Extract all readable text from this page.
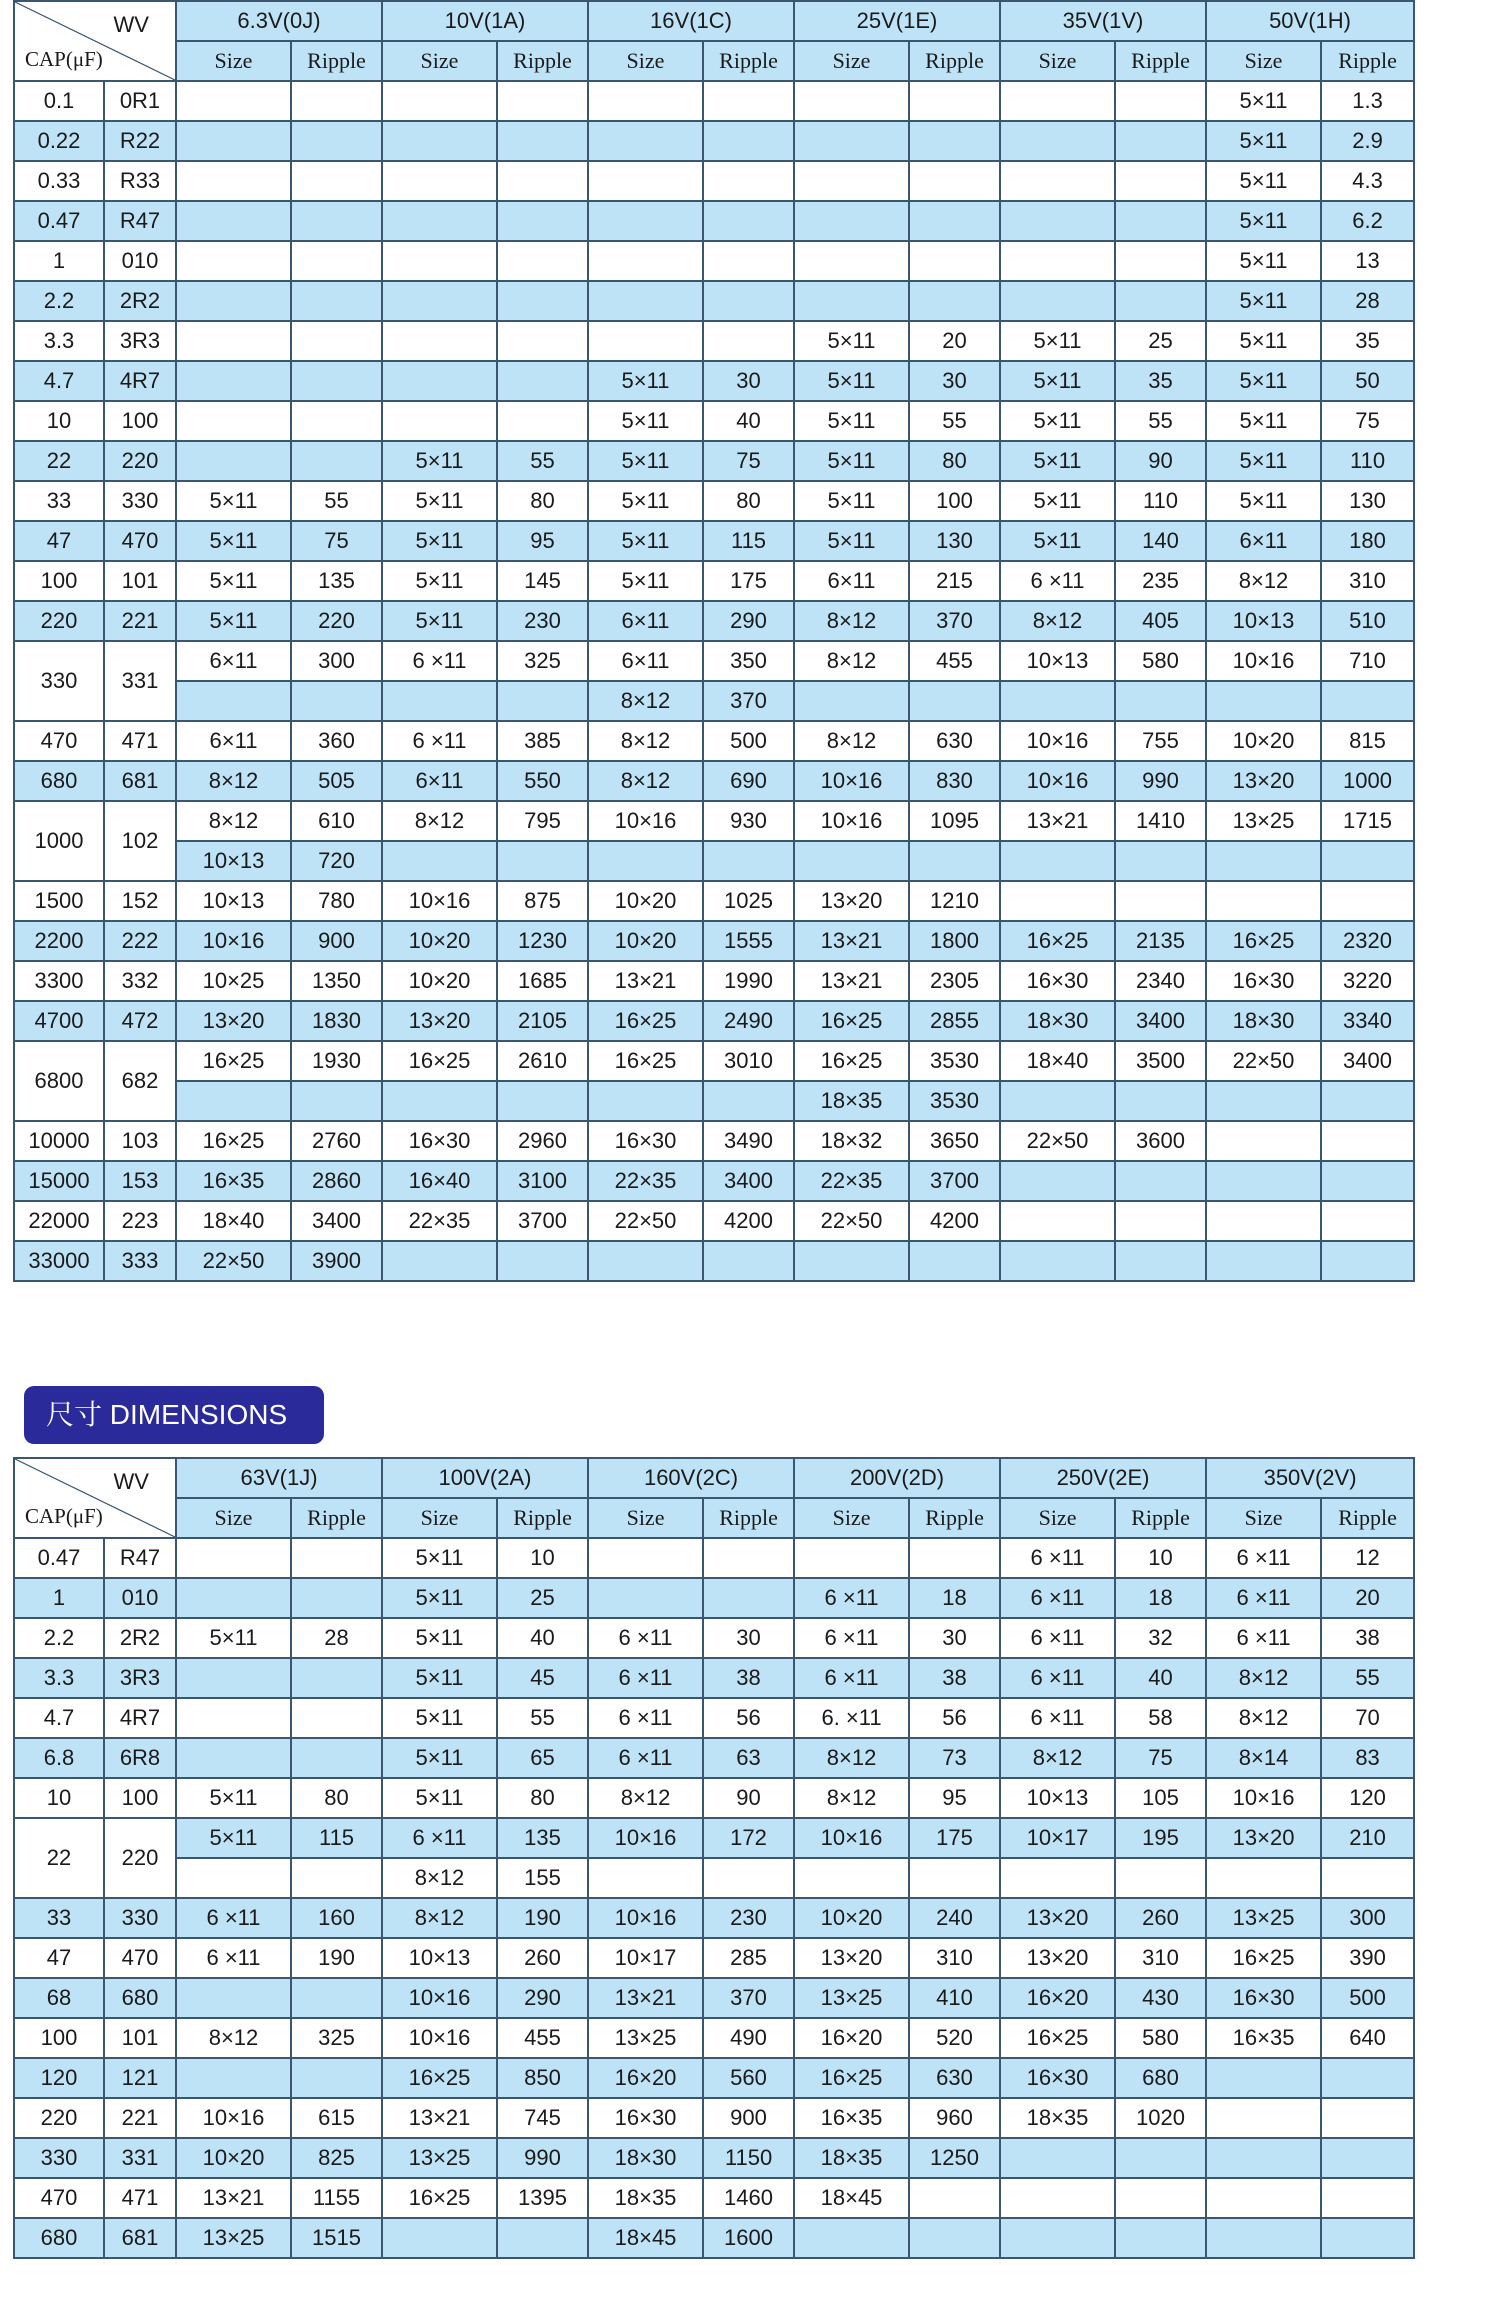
WV
CAP(μF)		6.3V(0J)		10V(1A)		16V(1C)		25V(1E)		35V(1V)		50V(1H)	
		Size	Ripple	Size	Ripple	Size	Ripple	Size	Ripple	Size	Ripple	Size	Ripple
0.1	0R1											5×11	1.3
0.22	R22											5×11	2.9
0.33	R33											5×11	4.3
0.47	R47											5×11	6.2
1	010											5×11	13
2.2	2R2											5×11	28
3.3	3R3							5×11	20	5×11	25	5×11	35
4.7	4R7					5×11	30	5×11	30	5×11	35	5×11	50
10	100					5×11	40	5×11	55	5×11	55	5×11	75
22	220			5×11	55	5×11	75	5×11	80	5×11	90	5×11	110
33	330	5×11	55	5×11	80	5×11	80	5×11	100	5×11	110	5×11	130
47	470	5×11	75	5×11	95	5×11	115	5×11	130	5×11	140	6×11	180
100	101	5×11	135	5×11	145	5×11	175	6×11	215	6 ×11	235	8×12	310
220	221	5×11	220	5×11	230	6×11	290	8×12	370	8×12	405	10×13	510
330	331	6×11	300	6 ×11	325	6×11	350	8×12	455	10×13	580	10×16	710
						8×12	370						
470	471	6×11	360	6 ×11	385	8×12	500	8×12	630	10×16	755	10×20	815
680	681	8×12	505	6×11	550	8×12	690	10×16	830	10×16	990	13×20	1000
1000	102	8×12	610	8×12	795	10×16	930	10×16	1095	13×21	1410	13×25	1715
		10×13	720										
1500	152	10×13	780	10×16	875	10×20	1025	13×20	1210				
2200	222	10×16	900	10×20	1230	10×20	1555	13×21	1800	16×25	2135	16×25	2320
3300	332	10×25	1350	10×20	1685	13×21	1990	13×21	2305	16×30	2340	16×30	3220
4700	472	13×20	1830	13×20	2105	16×25	2490	16×25	2855	18×30	3400	18×30	3340
6800	682	16×25	1930	16×25	2610	16×25	3010	16×25	3530	18×40	3500	22×50	3400
								18×35	3530				
10000	103	16×25	2760	16×30	2960	16×30	3490	18×32	3650	22×50	3600		
15000	153	16×35	2860	16×40	3100	22×35	3400	22×35	3700				
22000	223	18×40	3400	22×35	3700	22×50	4200	22×50	4200				
33000	333	22×50	3900										
尺寸 DIMENSIONS
WV
CAP(μF)		63V(1J)		100V(2A)		160V(2C)		200V(2D)		250V(2E)		350V(2V)	
		Size	Ripple	Size	Ripple	Size	Ripple	Size	Ripple	Size	Ripple	Size	Ripple
0.47	R47			5×11	10					6 ×11	10	6 ×11	12
1	010			5×11	25			6 ×11	18	6 ×11	18	6 ×11	20
2.2	2R2	5×11	28	5×11	40	6 ×11	30	6 ×11	30	6 ×11	32	6 ×11	38
3.3	3R3			5×11	45	6 ×11	38	6 ×11	38	6 ×11	40	8×12	55
4.7	4R7			5×11	55	6 ×11	56	6. ×11	56	6 ×11	58	8×12	70
6.8	6R8			5×11	65	6 ×11	63	8×12	73	8×12	75	8×14	83
10	100	5×11	80	5×11	80	8×12	90	8×12	95	10×13	105	10×16	120
22	220	5×11	115	6 ×11	135	10×16	172	10×16	175	10×17	195	13×20	210
				8×12	155								
33	330	6 ×11	160	8×12	190	10×16	230	10×20	240	13×20	260	13×25	300
47	470	6 ×11	190	10×13	260	10×17	285	13×20	310	13×20	310	16×25	390
68	680			10×16	290	13×21	370	13×25	410	16×20	430	16×30	500
100	101	8×12	325	10×16	455	13×25	490	16×20	520	16×25	580	16×35	640
120	121			16×25	850	16×20	560	16×25	630	16×30	680		
220	221	10×16	615	13×21	745	16×30	900	16×35	960	18×35	1020		
330	331	10×20	825	13×25	990	18×30	1150	18×35	1250				
470	471	13×21	1155	16×25	1395	18×35	1460	18×45					
680	681	13×25	1515			18×45	1600						
